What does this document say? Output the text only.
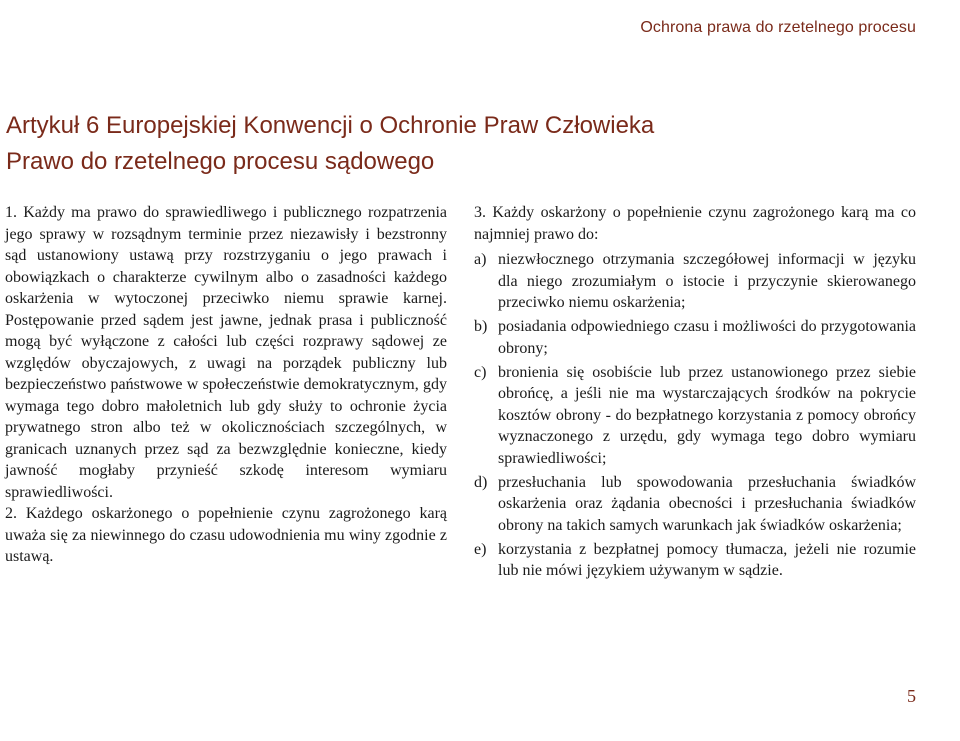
Ochrona prawa do rzetelnego procesu
Artykuł 6 Europejskiej Konwencji o Ochronie Praw Człowieka
Prawo do rzetelnego procesu sądowego

1. Każdy ma prawo do sprawiedliwego i publicznego rozpatrzenia jego sprawy w rozsądnym terminie przez niezawisły i bezstronny sąd ustanowiony ustawą przy rozstrzyganiu o jego prawach i obowiązkach o charakterze cywilnym albo o zasadności każdego oskarżenia w wytoczonej przeciwko niemu sprawie karnej. Postępowanie przed sądem jest jawne, jednak prasa i publiczność mogą być wyłączone z całości lub części rozprawy sądowej ze względów obyczajowych, z uwagi na porządek publiczny lub bezpieczeństwo państwowe w społeczeństwie demokratycznym, gdy wymaga tego dobro małoletnich lub gdy służy to ochronie życia prywatnego stron albo też w okolicznościach szczególnych, w granicach uznanych przez sąd za bezwzględnie konieczne, kiedy jawność mogłaby przynieść szkodę interesom wymiaru sprawiedliwości.

2. Każdego oskarżonego o popełnienie czynu zagrożonego karą uważa się za niewinnego do czasu udowodnienia mu winy zgodnie z ustawą.

3. Każdy oskarżony o popełnienie czynu zagrożonego karą ma co najmniej prawo do:

a) niezwłocznego otrzymania szczegółowej informacji w języku dla niego zrozumiałym o istocie i przyczynie skierowanego przeciwko niemu oskarżenia;
b) posiadania odpowiedniego czasu i możliwości do przygotowania obrony;
c) bronienia się osobiście lub przez ustanowionego przez siebie obrońcę, a jeśli nie ma wystarczających środków na pokrycie kosztów obrony - do bezpłatnego korzystania z pomocy obrońcy wyznaczonego z urzędu, gdy wymaga tego dobro wymiaru sprawiedliwości;
d) przesłuchania lub spowodowania przesłuchania świadków oskarżenia oraz żądania obecności i przesłuchania świadków obrony na takich samych warunkach jak świadków oskarżenia;
e) korzystania z bezpłatnej pomocy tłumacza, jeżeli nie rozumie lub nie mówi językiem używanym w sądzie.
5
